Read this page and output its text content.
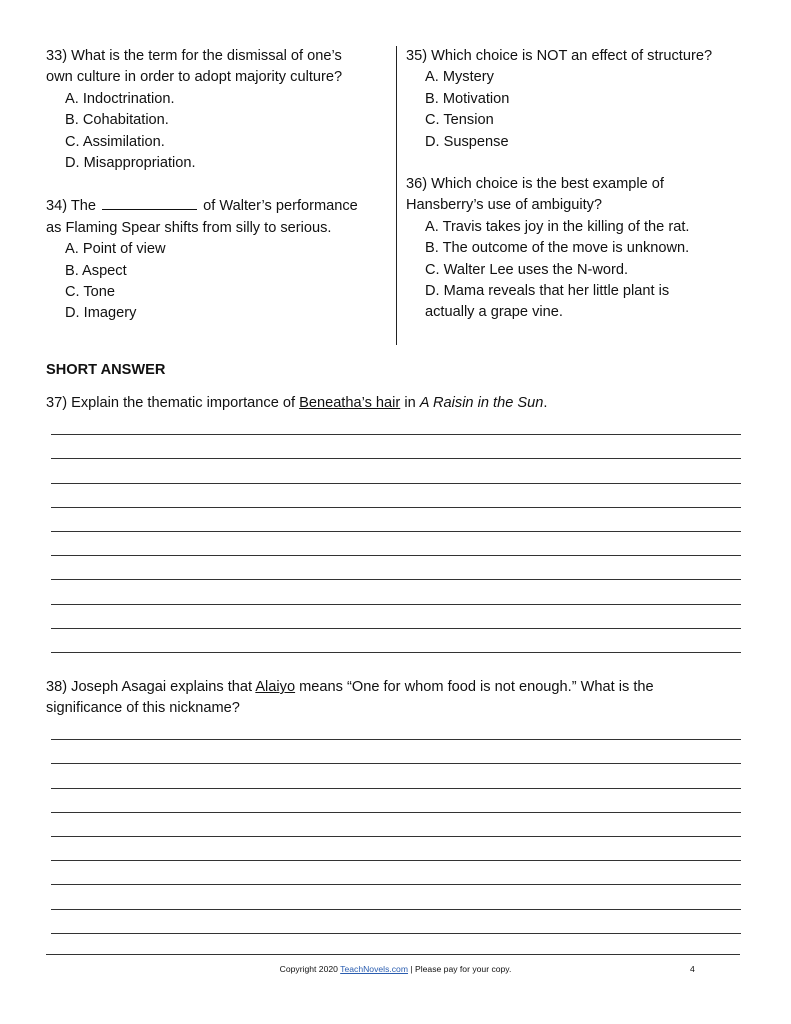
33) What is the term for the dismissal of one’s
own culture in order to adopt majority culture?
A. Indoctrination.
B. Cohabitation.
C. Assimilation.
D. Misappropriation.
34) The	of Walter’s performance
as Flaming Spear shifts from silly to serious.
A. Point of view
B. Aspect
C. Tone
D. Imagery
35) Which choice is NOT an effect of structure?
A. Mystery
B. Motivation
C. Tension
D. Suspense
36) Which choice is the best example of
Hansberry’s use of ambiguity?
A. Travis takes joy in the killing of the rat.
B. The outcome of the move is unknown.
C. Walter Lee uses the N-word.
D. Mama reveals that her little plant is
actually a grape vine.
SHORT ANSWER
37) Explain the thematic importance of Beneatha’s hair in A Raisin in the Sun.
38) Joseph Asagai explains that Alaiyo means “One for whom food is not enough.” What is the
significance of this nickname?
Copyright 2020 TeachNovels.com | Please pay for your copy.	4
